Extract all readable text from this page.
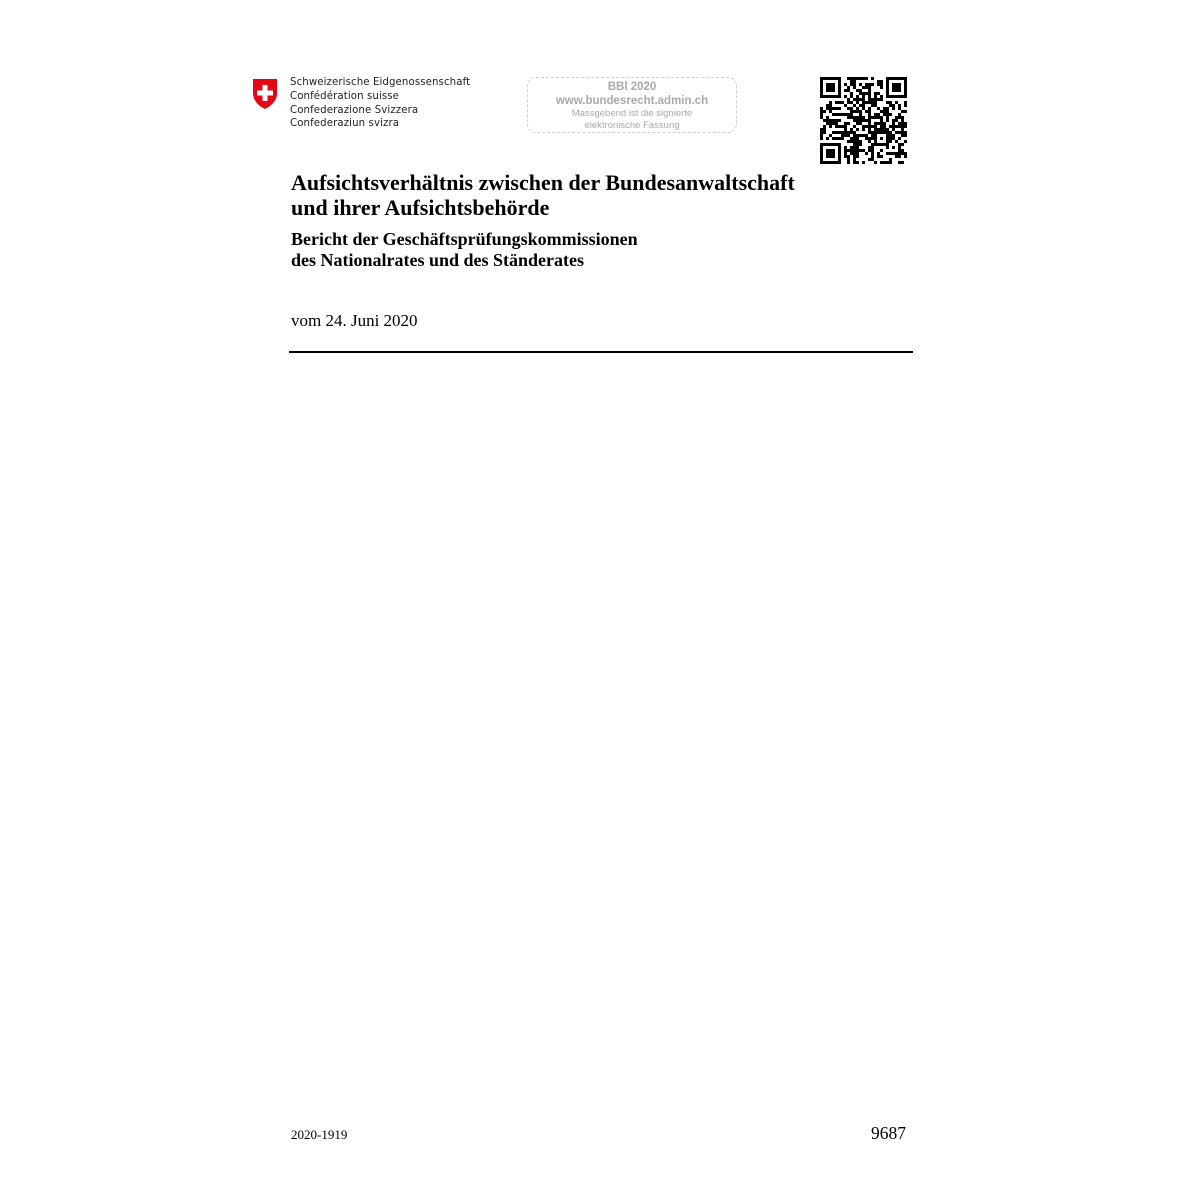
Schweizerische Eidgenossenschaft
Confédération suisse
Confederazione Svizzera
Confederaziun svizra
BBl 2020
www.bundesrecht.admin.ch
Massgebend ist die signierte
elektronische Fassung
Aufsichtsverhältnis zwischen der Bundesanwaltschaft
und ihrer Aufsichtsbehörde
Bericht der Geschäftsprüfungskommissionen
des Nationalrates und des Ständerates
vom 24. Juni 2020
2020-1919	9687
